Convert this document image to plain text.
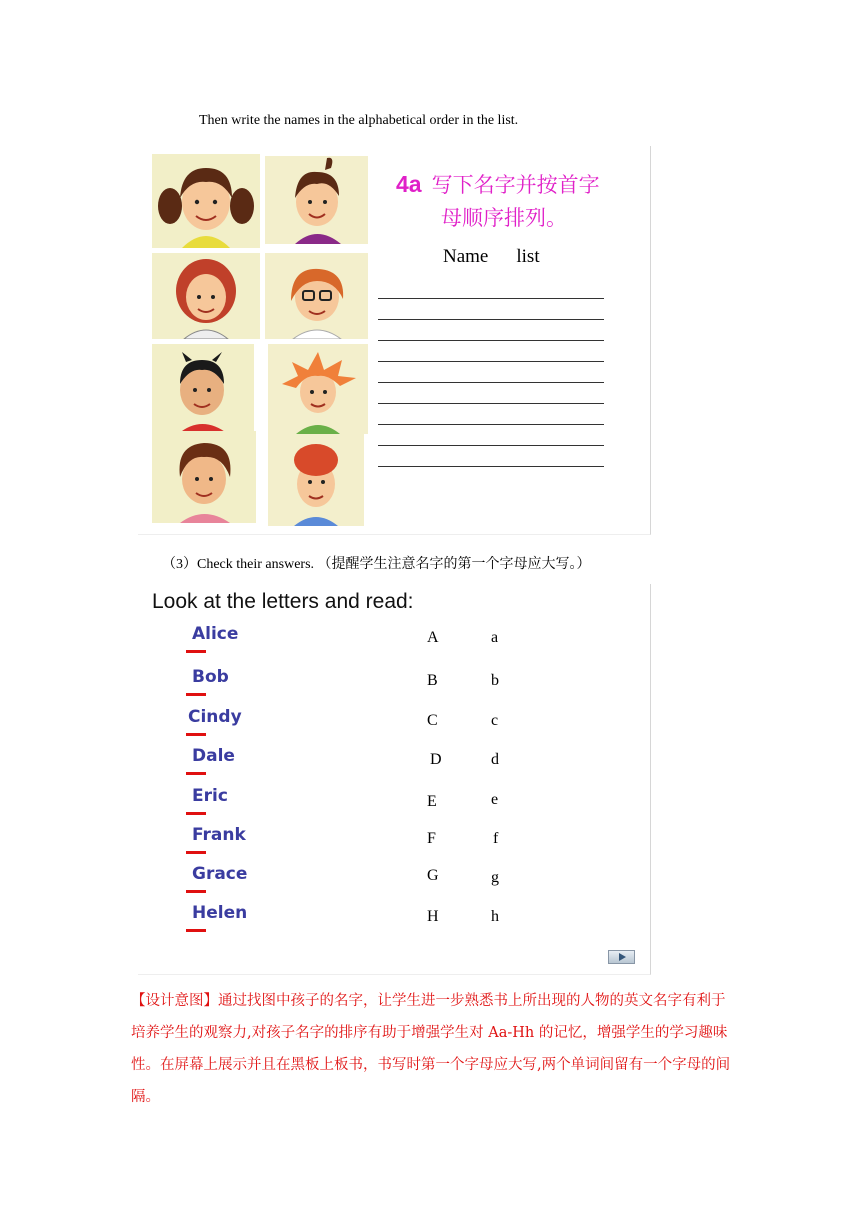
Then write the names in the alphabetical order in the list.
4a 写下名字并按首字
母顺序排列。
Name list
（3）Check their answers. （提醒学生注意名字的第一个字母应大写。）
Look at the letters and read:
Alice	A	a
Bob	B	b
Cindy	C	c
Dale	D	d
Eric	E	e
Frank	F	f
Grace	G	g
Helen	H	h
【设计意图】通过找图中孩子的名字，让学生进一步熟悉书上所出现的人物的英文名字有利于培养学生的观察力,对孩子名字的排序有助于增强学生对 Aa-Hh 的记忆，增强学生的学习趣味性。在屏幕上展示并且在黑板上板书，书写时第一个字母应大写,两个单词间留有一个字母的间隔。
